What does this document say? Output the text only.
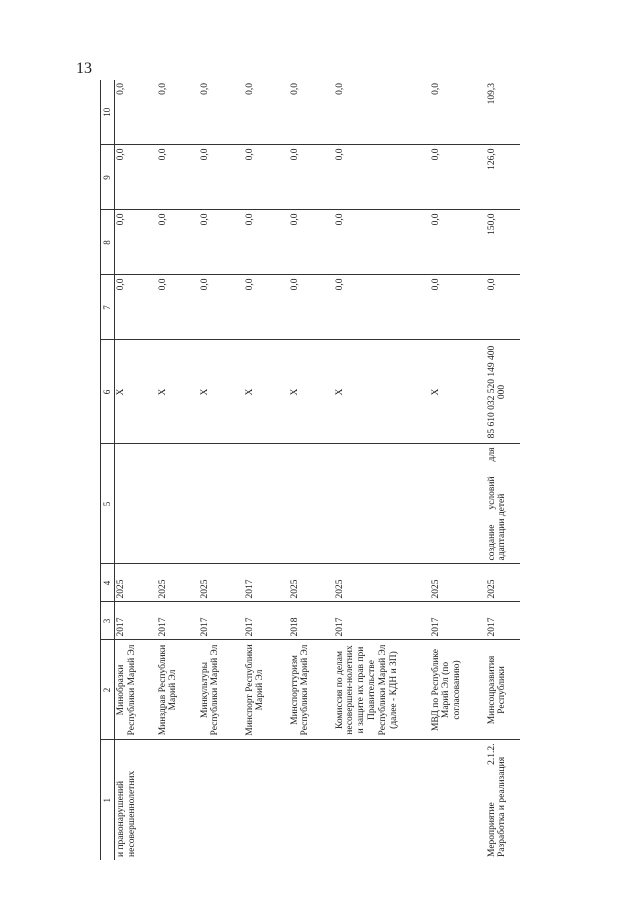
13
1	2	3	4	5	6	7	8	9	10
и правонарушений несовершеннолетних	Минобразки Республики Марий Эл	2017	2025		X	0,0	0,0	0,0	0,0
	Минздрав Республики Марий Эл	2017	2025		X	0,0	0,0	0,0	0,0
	Минкультуры Республики Марий Эл	2017	2025		X	0,0	0,0	0,0	0,0
	Минспорт Республики Марий Эл	2017	2017		X	0,0	0,0	0,0	0,0
	Минспорттуризм Республики Марий Эл	2018	2025		X	0,0	0,0	0,0	0,0
	Комиссия по делам несовершен-нолетних и защите их прав при Правительстве Республики Марий Эл (далее - КДН и ЗП)	2017	2025		X	0,0	0,0	0,0	0,0
	МВД по Республике Марий Эл (по согласованию)	2017	2025		X	0,0	0,0	0,0	0,0
Мероприятие 2.1.2. Разработка и реализация	Минсоцразвития Республики	2017	2025	создание условий для адаптации детей	85 610 032 520 149 400 000	0,0	150,0	126,0	109,3
